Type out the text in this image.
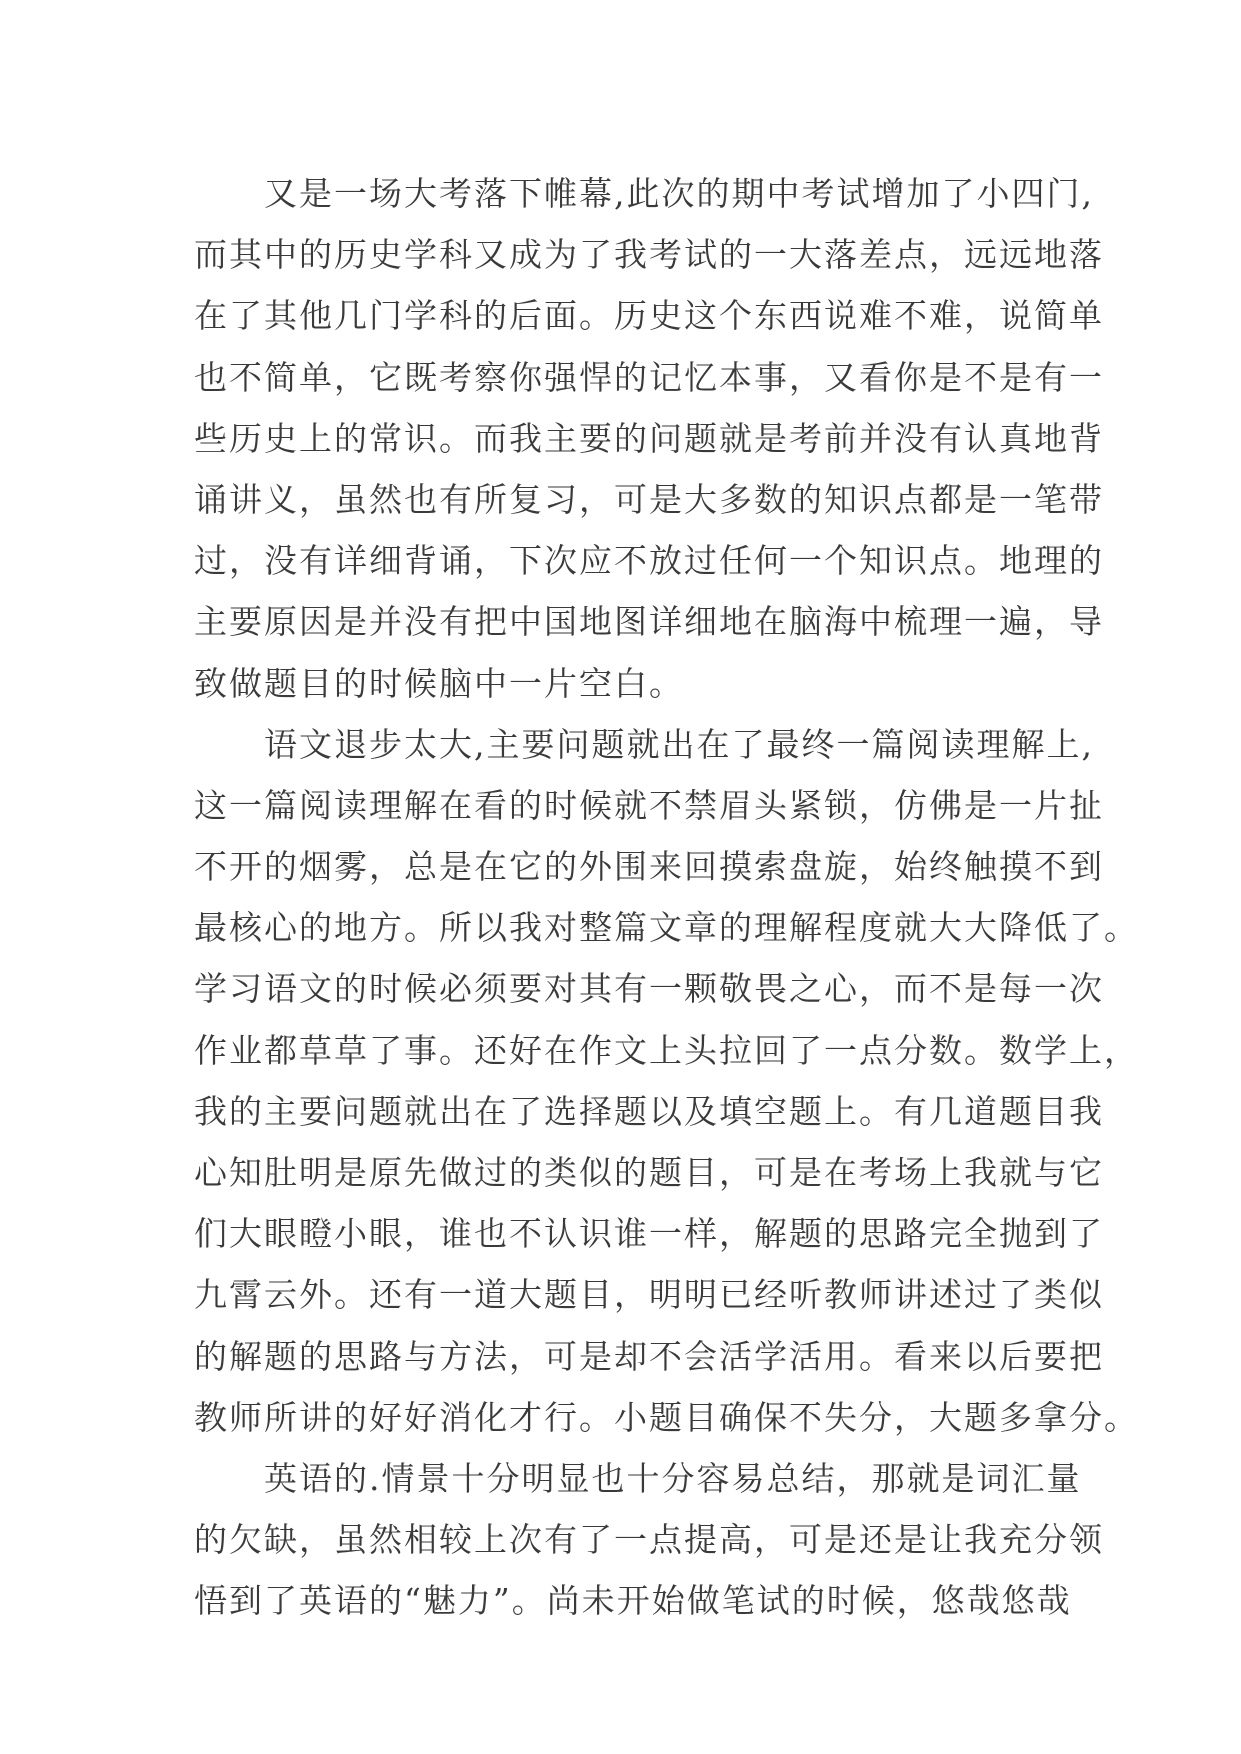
　　又是一场大考落下帷幕,此次的期中考试增加了小四门,
而其中的历史学科又成为了我考试的一大落差点，远远地落
在了其他几门学科的后面。历史这个东西说难不难，说简单
也不简单，它既考察你强悍的记忆本事，又看你是不是有一
些历史上的常识。而我主要的问题就是考前并没有认真地背
诵讲义，虽然也有所复习，可是大多数的知识点都是一笔带
过，没有详细背诵，下次应不放过任何一个知识点。地理的
主要原因是并没有把中国地图详细地在脑海中梳理一遍，导
致做题目的时候脑中一片空白。
　　语文退步太大,主要问题就出在了最终一篇阅读理解上,
这一篇阅读理解在看的时候就不禁眉头紧锁，仿佛是一片扯
不开的烟雾，总是在它的外围来回摸索盘旋，始终触摸不到
最核心的地方。所以我对整篇文章的理解程度就大大降低了。
学习语文的时候必须要对其有一颗敬畏之心，而不是每一次
作业都草草了事。还好在作文上头拉回了一点分数。数学上，
我的主要问题就出在了选择题以及填空题上。有几道题目我
心知肚明是原先做过的类似的题目，可是在考场上我就与它
们大眼瞪小眼，谁也不认识谁一样，解题的思路完全抛到了
九霄云外。还有一道大题目，明明已经听教师讲述过了类似
的解题的思路与方法，可是却不会活学活用。看来以后要把
教师所讲的好好消化才行。小题目确保不失分，大题多拿分。
　　英语的.情景十分明显也十分容易总结，那就是词汇量
的欠缺，虽然相较上次有了一点提高，可是还是让我充分领
悟到了英语的“魅力”。尚未开始做笔试的时候，悠哉悠哉
